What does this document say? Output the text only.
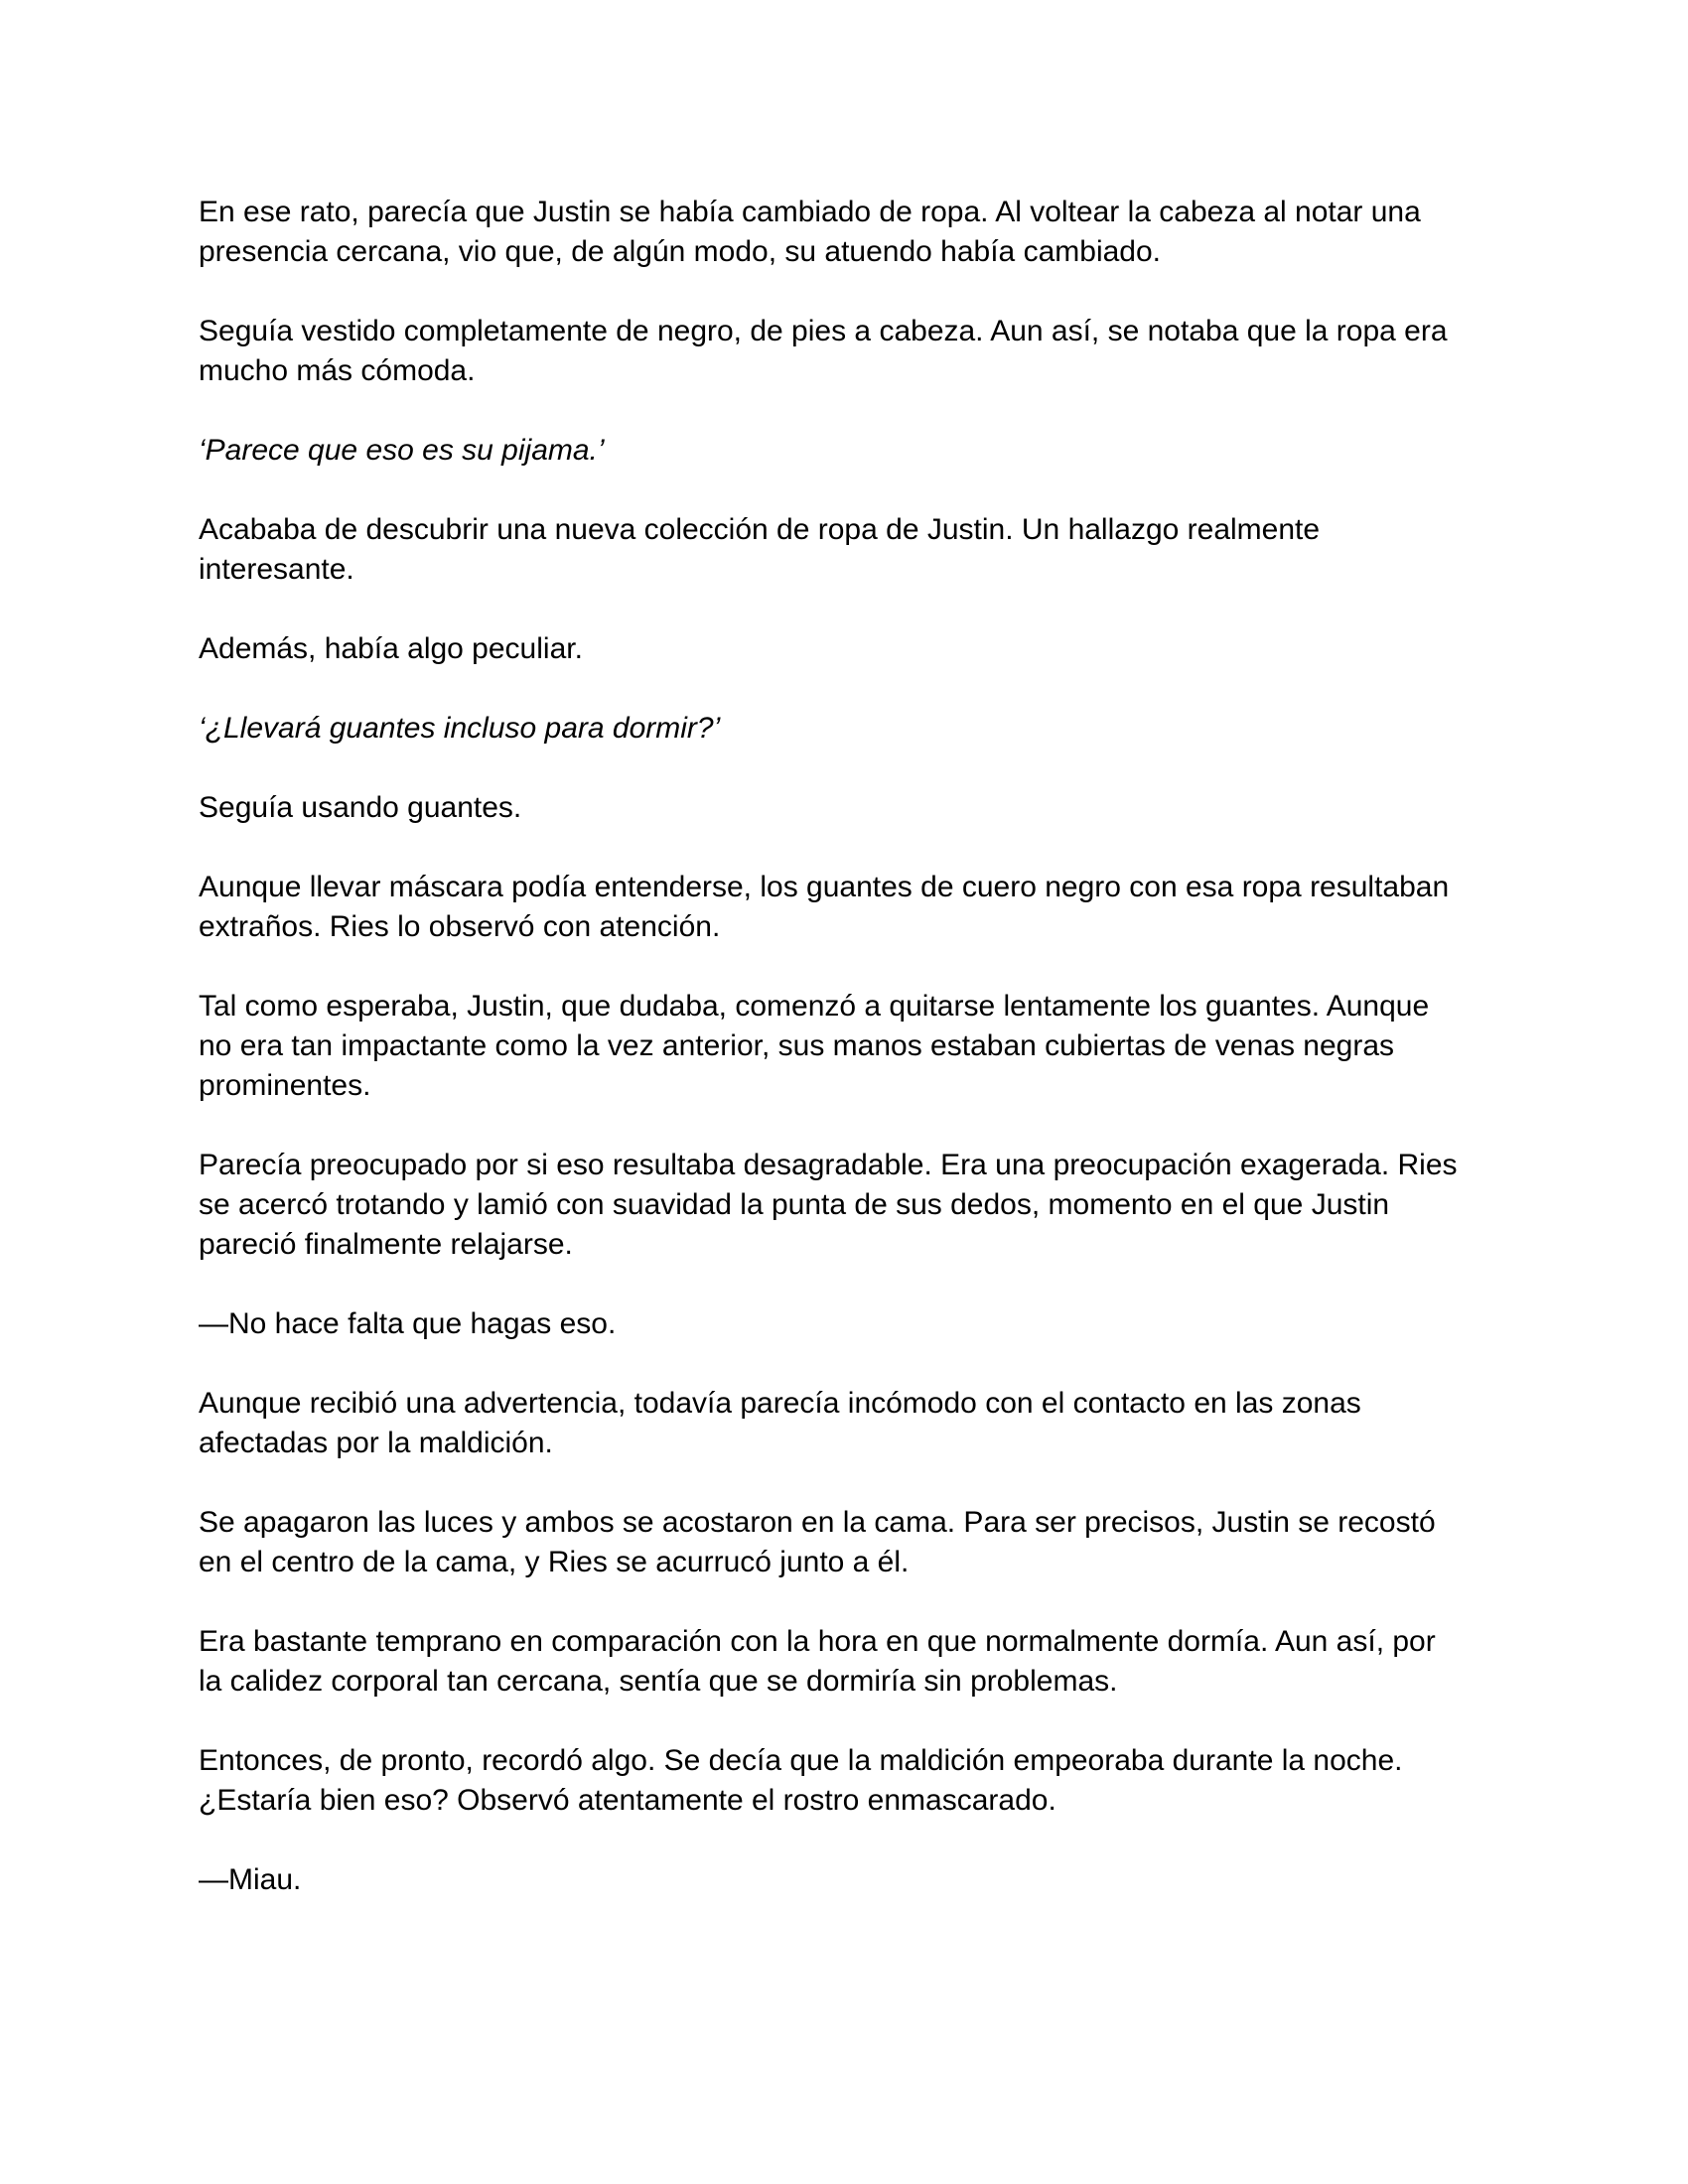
En ese rato, parecía que Justin se había cambiado de ropa. Al voltear la cabeza al notar una
presencia cercana, vio que, de algún modo, su atuendo había cambiado.

Seguía vestido completamente de negro, de pies a cabeza. Aun así, se notaba que la ropa era
mucho más cómoda.

‘Parece que eso es su pijama.’

Acababa de descubrir una nueva colección de ropa de Justin. Un hallazgo realmente
interesante.

Además, había algo peculiar.

‘¿Llevará guantes incluso para dormir?’

Seguía usando guantes.

Aunque llevar máscara podía entenderse, los guantes de cuero negro con esa ropa resultaban
extraños. Ries lo observó con atención.

Tal como esperaba, Justin, que dudaba, comenzó a quitarse lentamente los guantes. Aunque
no era tan impactante como la vez anterior, sus manos estaban cubiertas de venas negras
prominentes.

Parecía preocupado por si eso resultaba desagradable. Era una preocupación exagerada. Ries
se acercó trotando y lamió con suavidad la punta de sus dedos, momento en el que Justin
pareció finalmente relajarse.

—No hace falta que hagas eso.

Aunque recibió una advertencia, todavía parecía incómodo con el contacto en las zonas
afectadas por la maldición.

Se apagaron las luces y ambos se acostaron en la cama. Para ser precisos, Justin se recostó
en el centro de la cama, y Ries se acurrucó junto a él.

Era bastante temprano en comparación con la hora en que normalmente dormía. Aun así, por
la calidez corporal tan cercana, sentía que se dormiría sin problemas.

Entonces, de pronto, recordó algo. Se decía que la maldición empeoraba durante la noche.
¿Estaría bien eso? Observó atentamente el rostro enmascarado.

—Miau.
